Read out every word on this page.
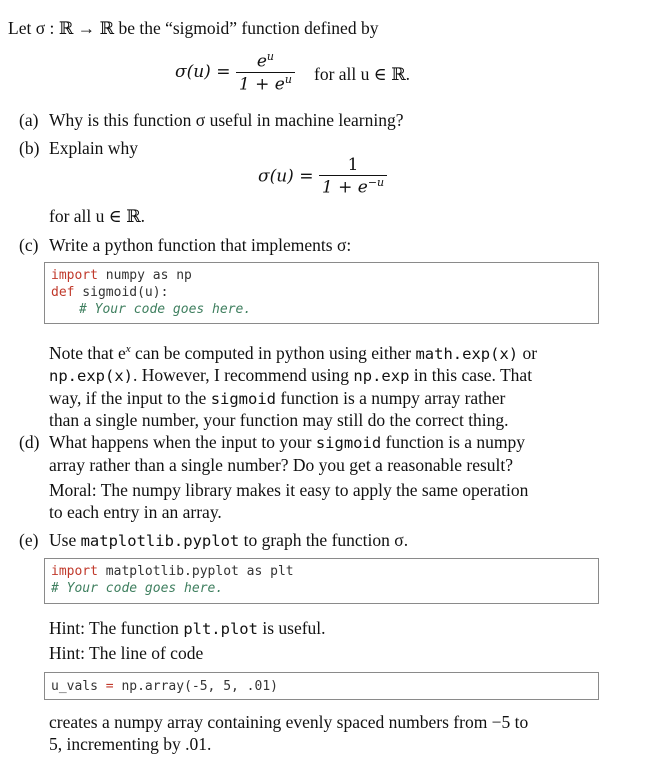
Let σ : ℝ → ℝ be the “sigmoid” function defined by
$\sigma(u) = \frac{e^u}{1 + e^u}$ for all u ∈ ℝ.
(a) Why is this function σ useful in machine learning?
(b) Explain why
$\sigma(u) = \frac{1}{1 + e^{-u}}$
for all u ∈ ℝ.
(c) Write a python function that implements σ:
import numpy as np
def sigmoid(u):
# Your code goes here.
Note that $e^x$ can be computed in python using either math.exp(x) or
np.exp(x). However, I recommend using np.exp in this case. That
way, if the input to the sigmoid function is a numpy array rather
than a single number, your function may still do the correct thing.
(d) What happens when the input to your sigmoid function is a numpy
array rather than a single number? Do you get a reasonable result?
Moral: The numpy library makes it easy to apply the same operation
to each entry in an array.
(e) Use matplotlib.pyplot to graph the function σ.
import matplotlib.pyplot as plt
# Your code goes here.
Hint: The function plt.plot is useful.
Hint: The line of code
u_vals = np.array(-5, 5, .01)
creates a numpy array containing evenly spaced numbers from −5 to
5, incrementing by .01.
